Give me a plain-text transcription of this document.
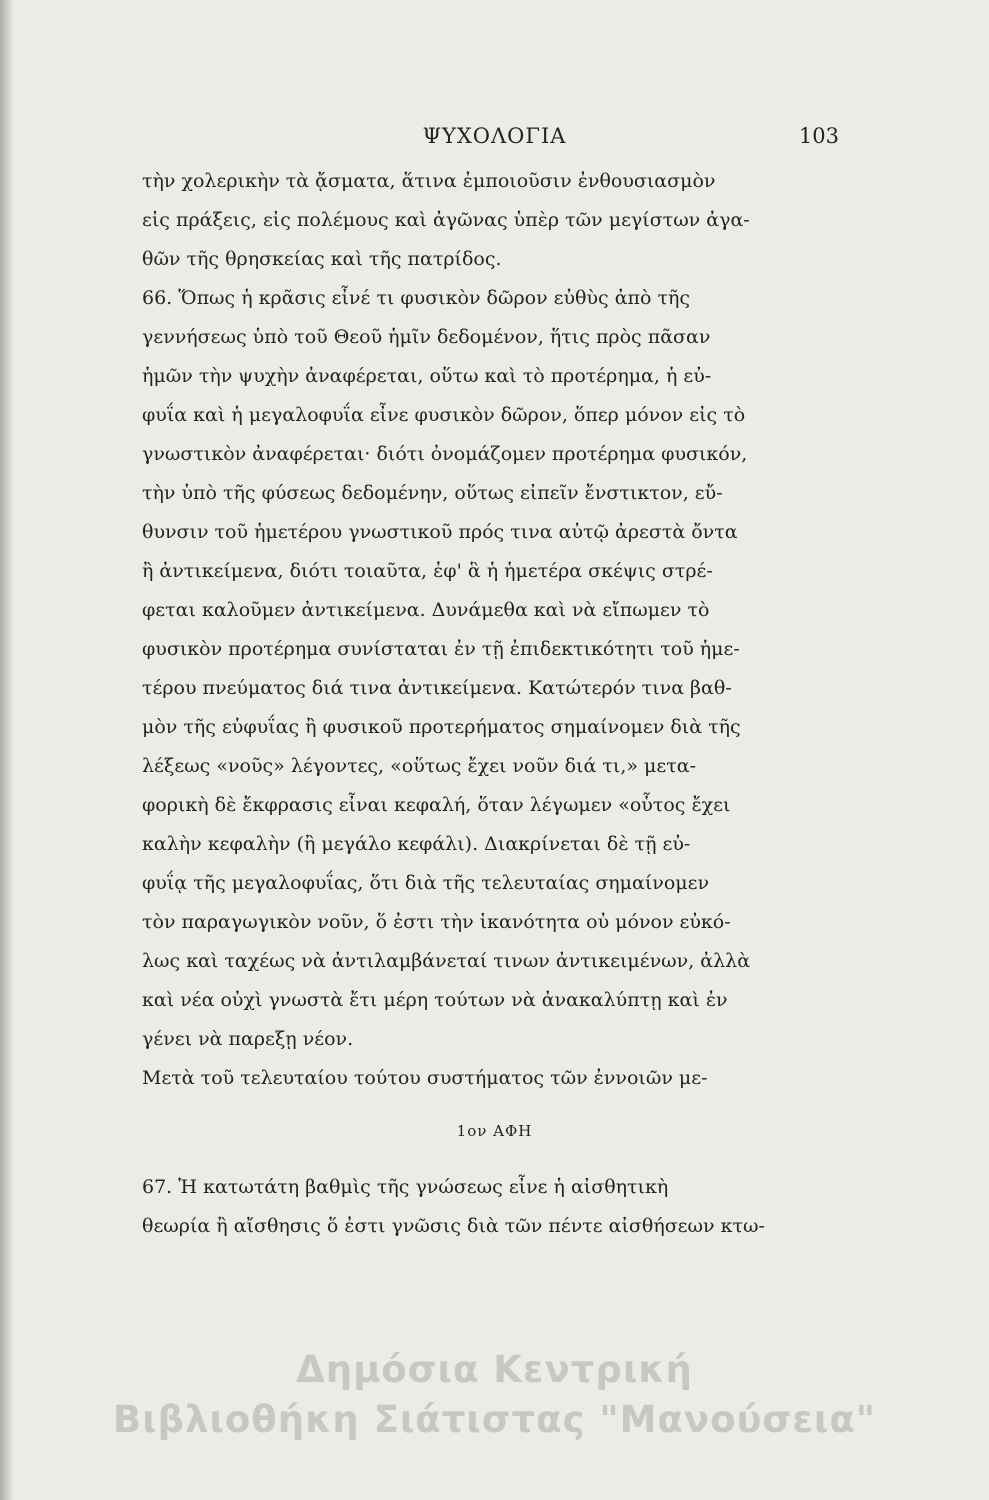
ΨΥΧΟΛΟΓΙΑ	103
τὴν χολερικὴν τὰ ᾄσματα, ἅτινα ἐμποιοῦσιν ἐνθουσιασμὸν
εἰς πράξεις, εἰς πολέμους καὶ ἀγῶνας ὑπὲρ τῶν μεγίστων ἀγα-
θῶν τῆς θρησκείας καὶ τῆς πατρίδος.
66. Ὅπως ἡ κρᾶσις εἶνέ τι φυσικὸν δῶρον εὐθὺς ἀπὸ τῆς
γεννήσεως ὑπὸ τοῦ Θεοῦ ἡμῖν δεδομένον, ἥτις πρὸς πᾶσαν
ἡμῶν τὴν ψυχὴν ἀναφέρεται, οὕτω καὶ τὸ προτέρημα, ἡ εὐ-
φυΐα καὶ ἡ μεγαλοφυΐα εἶνε φυσικὸν δῶρον, ὅπερ μόνον εἰς τὸ
γνωστικὸν ἀναφέρεται· διότι ὀνομάζομεν προτέρημα φυσικόν,
τὴν ὑπὸ τῆς φύσεως δεδομένην, οὕτως εἰπεῖν ἔνστικτον, εὔ-
θυνσιν τοῦ ἡμετέρου γνωστικοῦ πρός τινα αὐτῷ ἀρεστὰ ὄντα
ἢ ἀντικείμενα, διότι τοιαῦτα, ἐφ' ἃ ἡ ἡμετέρα σκέψις στρέ-
φεται καλοῦμεν ἀντικείμενα. Δυνάμεθα καὶ νὰ εἴπωμεν τὸ
φυσικὸν προτέρημα συνίσταται ἐν τῇ ἐπιδεκτικότητι τοῦ ἡμε-
τέρου πνεύματος διά τινα ἀντικείμενα. Κατώτερόν τινα βαθ-
μὸν τῆς εὐφυΐας ἢ φυσικοῦ προτερήματος σημαίνομεν διὰ τῆς
λέξεως «νοῦς» λέγοντες, «οὕτως ἔχει νοῦν διά τι,» μετα-
φορικὴ δὲ ἔκφρασις εἶναι κεφαλή, ὅταν λέγωμεν «οὗτος ἔχει
καλὴν κεφαλὴν (ἢ μεγάλο κεφάλι). Διακρίνεται δὲ τῇ εὐ-
φυΐᾳ τῆς μεγαλοφυΐας, ὅτι διὰ τῆς τελευταίας σημαίνομεν
τὸν παραγωγικὸν νοῦν, ὅ ἐστι τὴν ἱκανότητα οὐ μόνον εὐκό-
λως καὶ ταχέως νὰ ἀντιλαμβάνεταί τινων ἀντικειμένων, ἀλλὰ
καὶ νέα οὐχὶ γνωστὰ ἔτι μέρη τούτων νὰ ἀνακαλύπτῃ καὶ ἐν
γένει νὰ παρεξῃ νέον.
Μετὰ τοῦ τελευταίου τούτου συστήματος τῶν ἐννοιῶν με-
1ον ΑΦΗ
67. Ἡ κατωτάτη βαθμὶς τῆς γνώσεως εἶνε ἡ αἰσθητικὴ
θεωρία ἢ αἴσθησις ὅ ἐστι γνῶσις διὰ τῶν πέντε αἰσθήσεων κτω-
Δημόσια Κεντρική
Βιβλιοθήκη Σιάτιστας "Μανούσεια"
